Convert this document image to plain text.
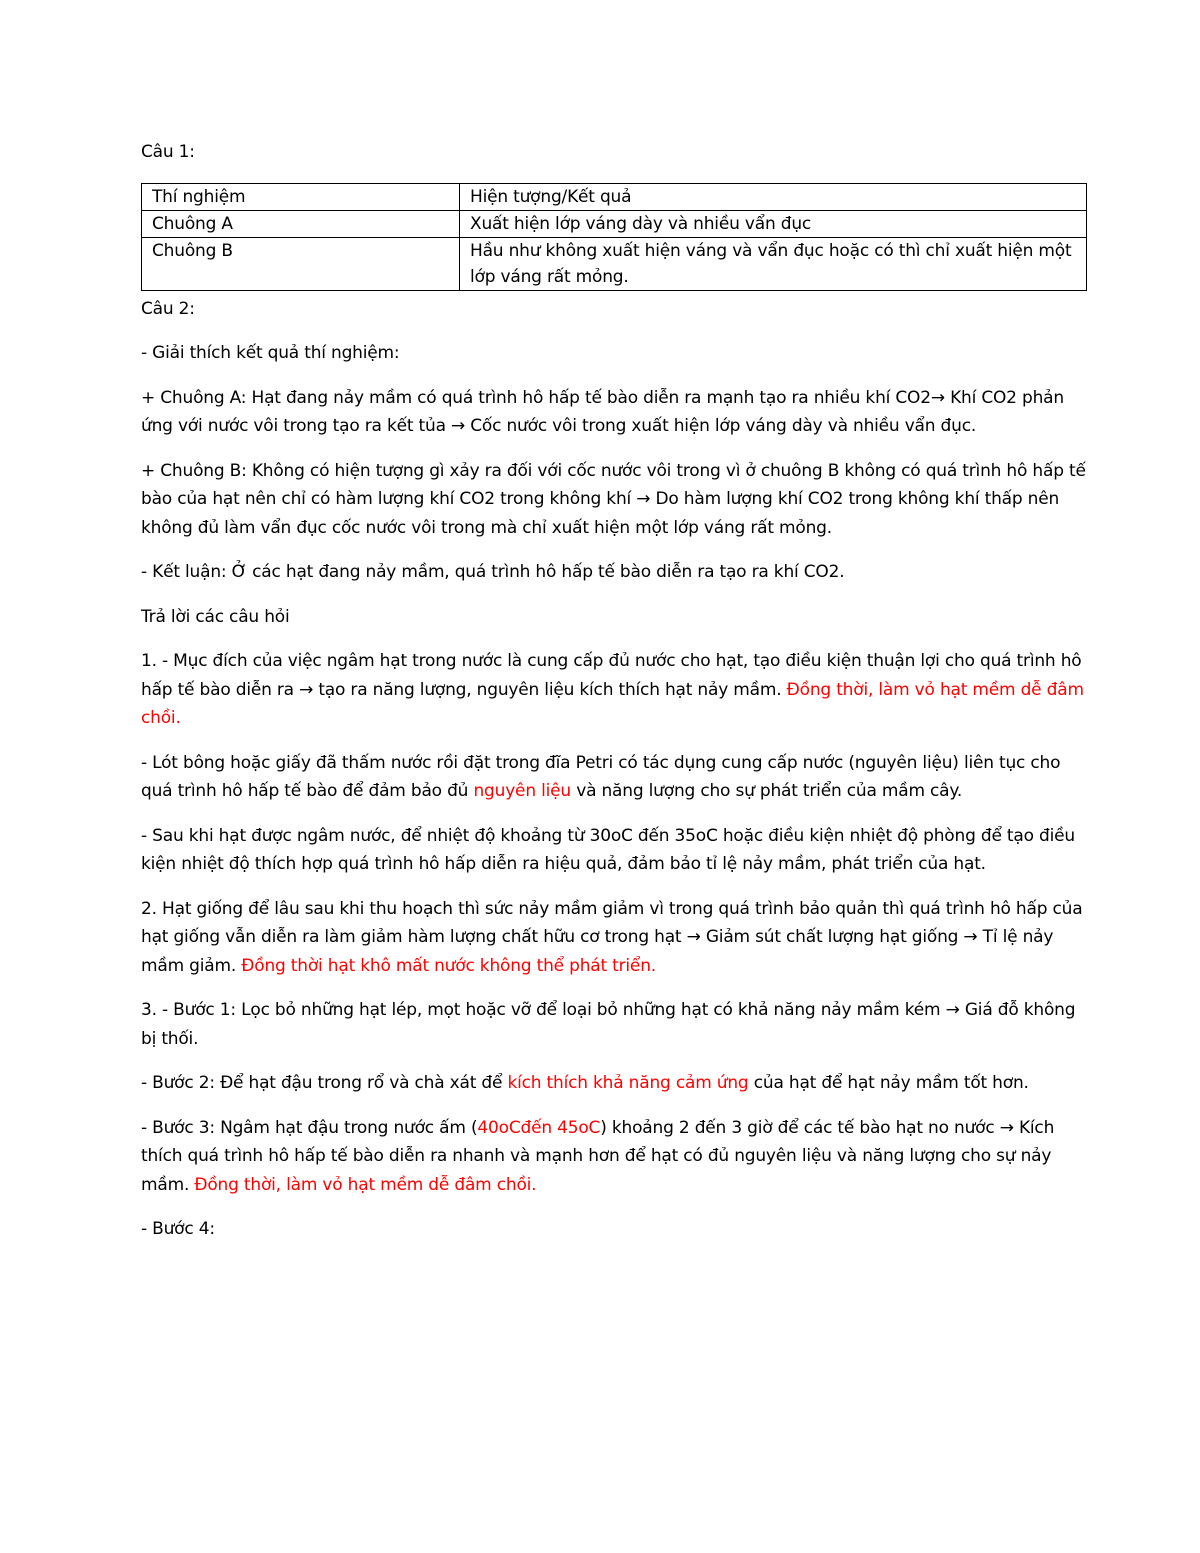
Câu 1:

Thí nghiệm	Hiện tượng/Kết quả
Chuông A	Xuất hiện lớp váng dày và nhiều vẩn đục
Chuông B	Hầu như không xuất hiện váng và vẩn đục hoặc có thì chỉ xuất hiện một lớp váng rất mỏng.

Câu 2:

- Giải thích kết quả thí nghiệm:

+ Chuông A: Hạt đang nảy mầm có quá trình hô hấp tế bào diễn ra mạnh tạo ra nhiều khí CO2→ Khí CO2 phản ứng với nước vôi trong tạo ra kết tủa → Cốc nước vôi trong xuất hiện lớp váng dày và nhiều vẩn đục.

+ Chuông B: Không có hiện tượng gì xảy ra đối với cốc nước vôi trong vì ở chuông B không có quá trình hô hấp tế bào của hạt nên chỉ có hàm lượng khí CO2 trong không khí → Do hàm lượng khí CO2 trong không khí thấp nên không đủ làm vẩn đục cốc nước vôi trong mà chỉ xuất hiện một lớp váng rất mỏng.

- Kết luận: Ở các hạt đang nảy mầm, quá trình hô hấp tế bào diễn ra tạo ra khí CO2.

Trả lời các câu hỏi

1. - Mục đích của việc ngâm hạt trong nước là cung cấp đủ nước cho hạt, tạo điều kiện thuận lợi cho quá trình hô hấp tế bào diễn ra → tạo ra năng lượng, nguyên liệu kích thích hạt nảy mầm. Đồng thời, làm vỏ hạt mềm dễ đâm chồi.

- Lót bông hoặc giấy đã thấm nước rồi đặt trong đĩa Petri có tác dụng cung cấp nước (nguyên liệu) liên tục cho quá trình hô hấp tế bào để đảm bảo đủ nguyên liệu và năng lượng cho sự phát triển của mầm cây.

- Sau khi hạt được ngâm nước, để nhiệt độ khoảng từ 30oC đến 35oC hoặc điều kiện nhiệt độ phòng để tạo điều kiện nhiệt độ thích hợp quá trình hô hấp diễn ra hiệu quả, đảm bảo tỉ lệ nảy mầm, phát triển của hạt.

2. Hạt giống để lâu sau khi thu hoạch thì sức nảy mầm giảm vì trong quá trình bảo quản thì quá trình hô hấp của hạt giống vẫn diễn ra làm giảm hàm lượng chất hữu cơ trong hạt → Giảm sút chất lượng hạt giống → Tỉ lệ nảy mầm giảm. Đồng thời hạt khô mất nước không thể phát triển.

3. - Bước 1: Lọc bỏ những hạt lép, mọt hoặc vỡ để loại bỏ những hạt có khả năng nảy mầm kém → Giá đỗ không bị thối.

- Bước 2: Để hạt đậu trong rổ và chà xát để kích thích khả năng cảm ứng của hạt để hạt nảy mầm tốt hơn.

- Bước 3: Ngâm hạt đậu trong nước ấm (40oCđến 45oC) khoảng 2 đến 3 giờ để các tế bào hạt no nước → Kích thích quá trình hô hấp tế bào diễn ra nhanh và mạnh hơn để hạt có đủ nguyên liệu và năng lượng cho sự nảy mầm. Đồng thời, làm vỏ hạt mềm dễ đâm chồi.

- Bước 4:
